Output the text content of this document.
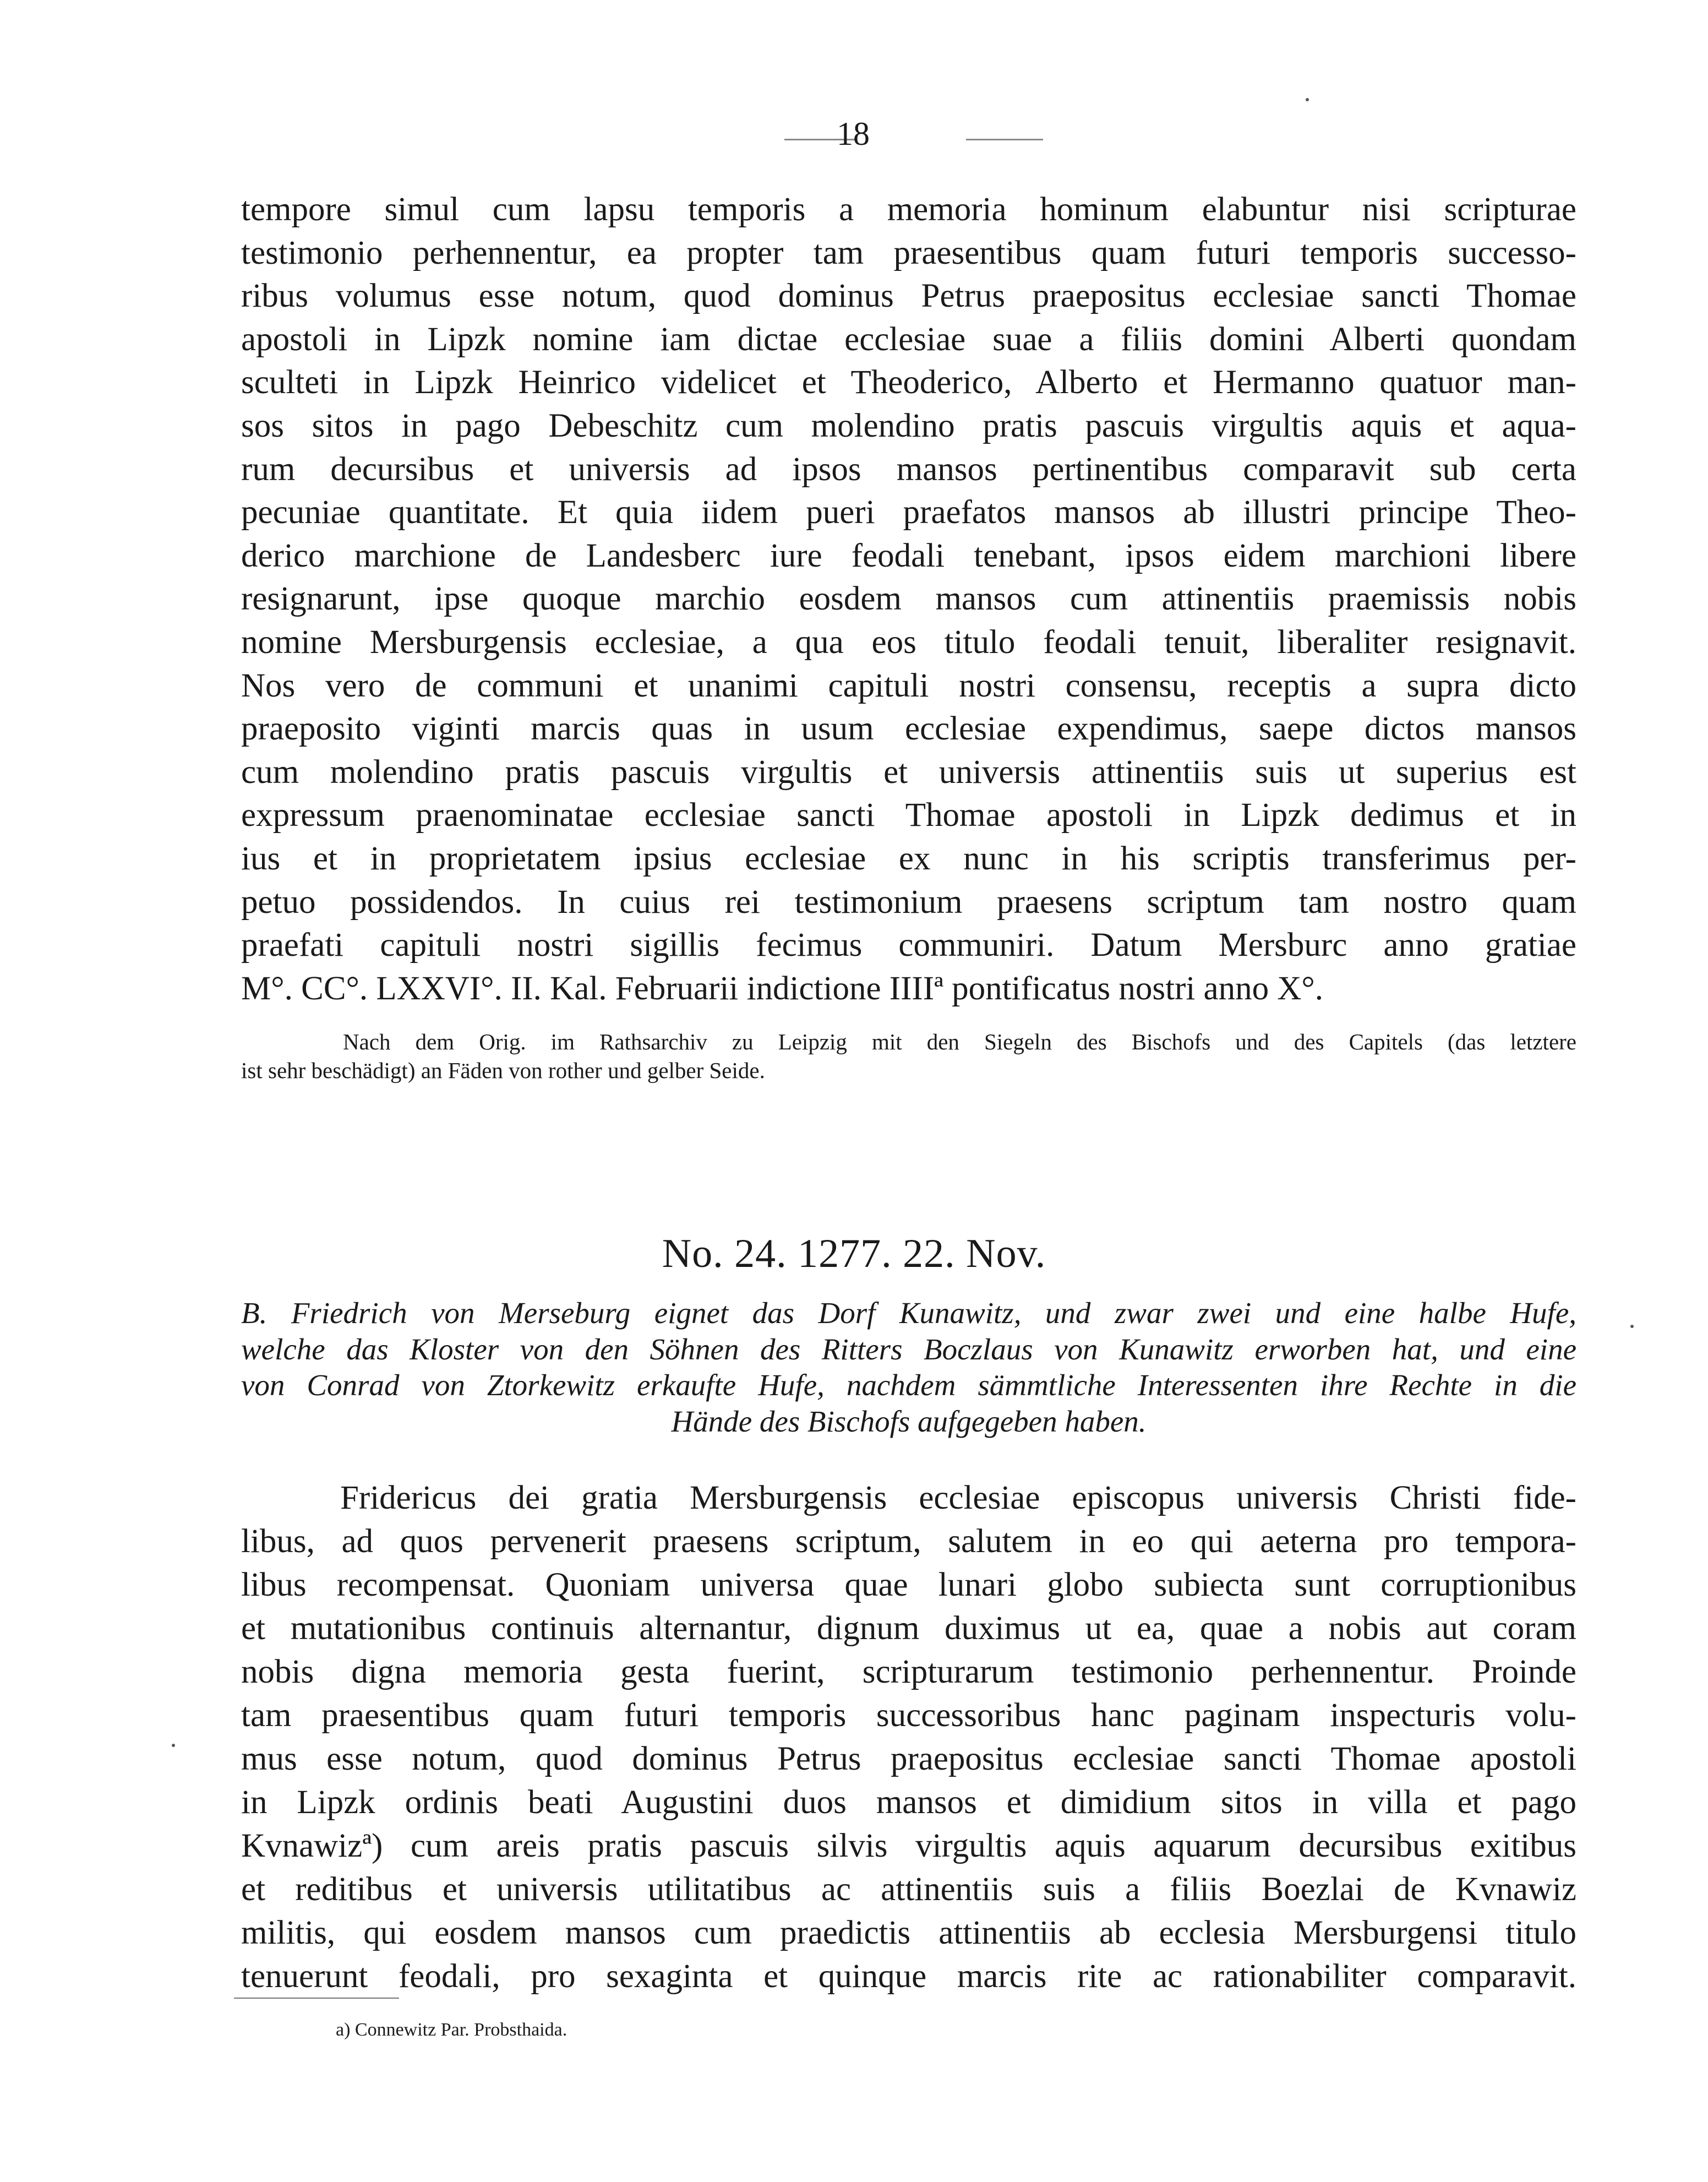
18
tempore simul cum lapsu temporis a memoria hominum elabuntur nisi scripturae
testimonio perhennentur, ea propter tam praesentibus quam futuri temporis successo-
ribus volumus esse notum, quod dominus Petrus praepositus ecclesiae sancti Thomae
apostoli in Lipzk nomine iam dictae ecclesiae suae a filiis domini Alberti quondam
sculteti in Lipzk Heinrico videlicet et Theoderico, Alberto et Hermanno quatuor man-
sos sitos in pago Debeschitz cum molendino pratis pascuis virgultis aquis et aqua-
rum decursibus et universis ad ipsos mansos pertinentibus comparavit sub certa
pecuniae quantitate. Et quia iidem pueri praefatos mansos ab illustri principe Theo-
derico marchione de Landesberc iure feodali tenebant, ipsos eidem marchioni libere
resignarunt, ipse quoque marchio eosdem mansos cum attinentiis praemissis nobis
nomine Mersburgensis ecclesiae, a qua eos titulo feodali tenuit, liberaliter resignavit.
Nos vero de communi et unanimi capituli nostri consensu, receptis a supra dicto
praeposito viginti marcis quas in usum ecclesiae expendimus, saepe dictos mansos
cum molendino pratis pascuis virgultis et universis attinentiis suis ut superius est
expressum praenominatae ecclesiae sancti Thomae apostoli in Lipzk dedimus et in
ius et in proprietatem ipsius ecclesiae ex nunc in his scriptis transferimus per-
petuo possidendos. In cuius rei testimonium praesens scriptum tam nostro quam
praefati capituli nostri sigillis fecimus communiri. Datum Mersburc anno gratiae
M°. CC°. LXXVI°. II. Kal. Februarii indictione IIIIª pontificatus nostri anno X°.
Nach dem Orig. im Rathsarchiv zu Leipzig mit den Siegeln des Bischofs und des Capitels (das letztere
ist sehr beschädigt) an Fäden von rother und gelber Seide.
No. 24. 1277. 22. Nov.
B. Friedrich von Merseburg eignet das Dorf Kunawitz, und zwar zwei und eine halbe Hufe,
welche das Kloster von den Söhnen des Ritters Boczlaus von Kunawitz erworben hat, und eine
von Conrad von Ztorkewitz erkaufte Hufe, nachdem sämmtliche Interessenten ihre Rechte in die
Hände des Bischofs aufgegeben haben.
Fridericus dei gratia Mersburgensis ecclesiae episcopus universis Christi fide-
libus, ad quos pervenerit praesens scriptum, salutem in eo qui aeterna pro tempora-
libus recompensat. Quoniam universa quae lunari globo subiecta sunt corruptionibus
et mutationibus continuis alternantur, dignum duximus ut ea, quae a nobis aut coram
nobis digna memoria gesta fuerint, scripturarum testimonio perhennentur. Proinde
tam praesentibus quam futuri temporis successoribus hanc paginam inspecturis volu-
mus esse notum, quod dominus Petrus praepositus ecclesiae sancti Thomae apostoli
in Lipzk ordinis beati Augustini duos mansos et dimidium sitos in villa et pago
Kvnawizª) cum areis pratis pascuis silvis virgultis aquis aquarum decursibus exitibus
et reditibus et universis utilitatibus ac attinentiis suis a filiis Boezlai de Kvnawiz
militis, qui eosdem mansos cum praedictis attinentiis ab ecclesia Mersburgensi titulo
tenuerunt feodali, pro sexaginta et quinque marcis rite ac rationabiliter comparavit.
a) Connewitz Par. Probsthaida.
